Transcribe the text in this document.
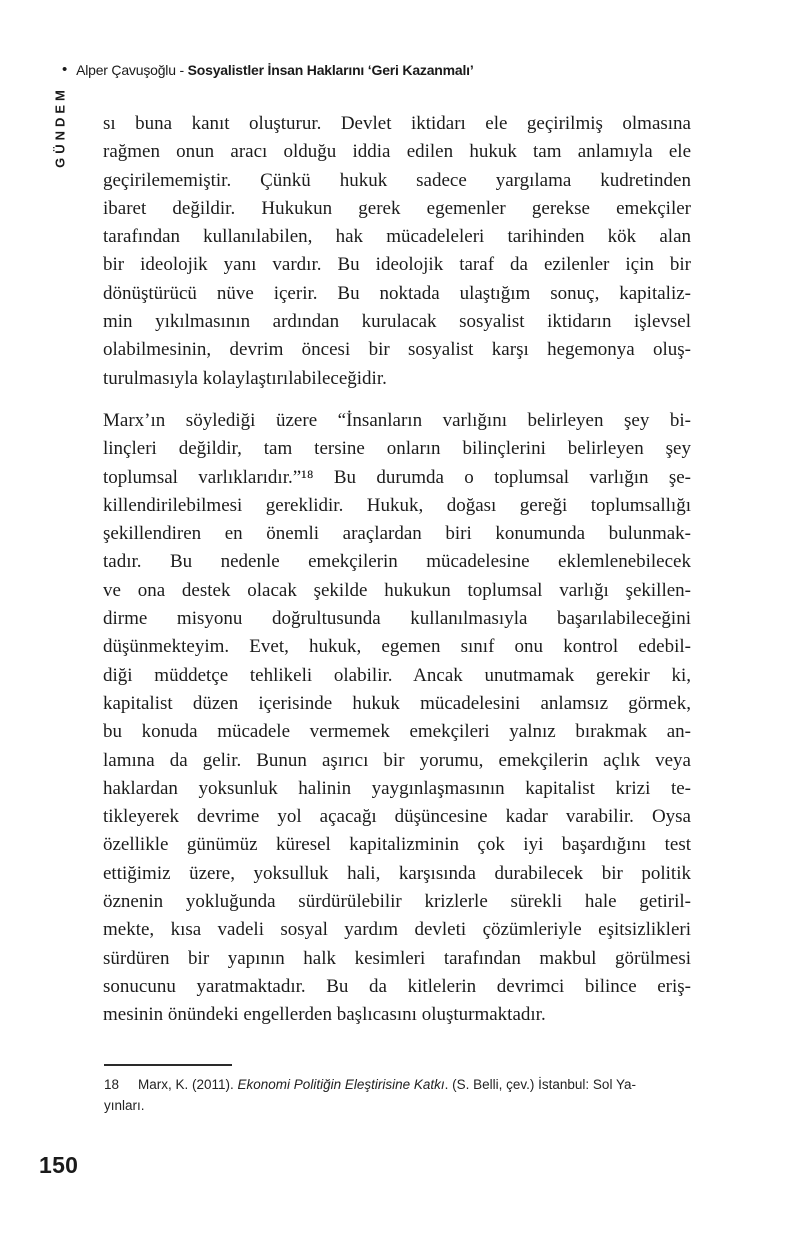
• Alper Çavuşoğlu - Sosyalistler İnsan Haklarını ‘Geri Kazanmalı’
GÜNDEM sı buna kanıt oluşturur. Devlet iktidarı ele geçirilmiş olmasına
rağmen onun aracı olduğu iddia edilen hukuk tam anlamıyla ele
geçirilememiştir. Çünkü hukuk sadece yargılama kudretinden
ibaret değildir. Hukukun gerek egemenler gerekse emekçiler
tarafından kullanılabilen, hak mücadeleleri tarihinden kök alan
bir ideolojik yanı vardır. Bu ideolojik taraf da ezilenler için bir
dönüştürücü nüve içerir. Bu noktada ulaştığım sonuç, kapitaliz-
min yıkılmasının ardından kurulacak sosyalist iktidarın işlevsel
olabilmesinin, devrim öncesi bir sosyalist karşı hegemonya oluş-
turulmasıyla kolaylaştırılabileceğidir.
Marx’ın söylediği üzere “İnsanların varlığını belirleyen şey bi-
linçleri değildir, tam tersine onların bilinçlerini belirleyen şey
toplumsal varlıklarıdır.”¹⁸ Bu durumda o toplumsal varlığın şe-
killendirilebilmesi gereklidir. Hukuk, doğası gereği toplumsallığı
şekillendiren en önemli araçlardan biri konumunda bulunmak-
tadır. Bu nedenle emekçilerin mücadelesine eklemlenebilecek
ve ona destek olacak şekilde hukukun toplumsal varlığı şekillen-
dirme misyonu doğrultusunda kullanılmasıyla başarılabileceğini
düşünmekteyim. Evet, hukuk, egemen sınıf onu kontrol edebil-
diği müddetçe tehlikeli olabilir. Ancak unutmamak gerekir ki,
kapitalist düzen içerisinde hukuk mücadelesini anlamsız görmek,
bu konuda mücadele vermemek emekçileri yalnız bırakmak an-
lamına da gelir. Bunun aşırıcı bir yorumu, emekçilerin açlık veya
haklardan yoksunluk halinin yaygınlaşmasının kapitalist krizi te-
tikleyerek devrime yol açacağı düşüncesine kadar varabilir. Oysa
özellikle günümüz küresel kapitalizminin çok iyi başardığını test
ettiğimiz üzere, yoksulluk hali, karşısında durabilecek bir politik
öznenin yokluğunda sürdürülebilir krizlerle sürekli hale getiril-
mekte, kısa vadeli sosyal yardım devleti çözümleriyle eşitsizlikleri
sürdüren bir yapının halk kesimleri tarafından makbul görülmesi
sonucunu yaratmaktadır. Bu da kitlelerin devrimci bilince eriş-
mesinin önündeki engellerden başlıcasını oluşturmaktadır.
18 Marx, K. (2011). Ekonomi Politiğin Eleştirisine Katkı. (S. Belli, çev.) İstanbul: Sol Ya-
yınları.
150
